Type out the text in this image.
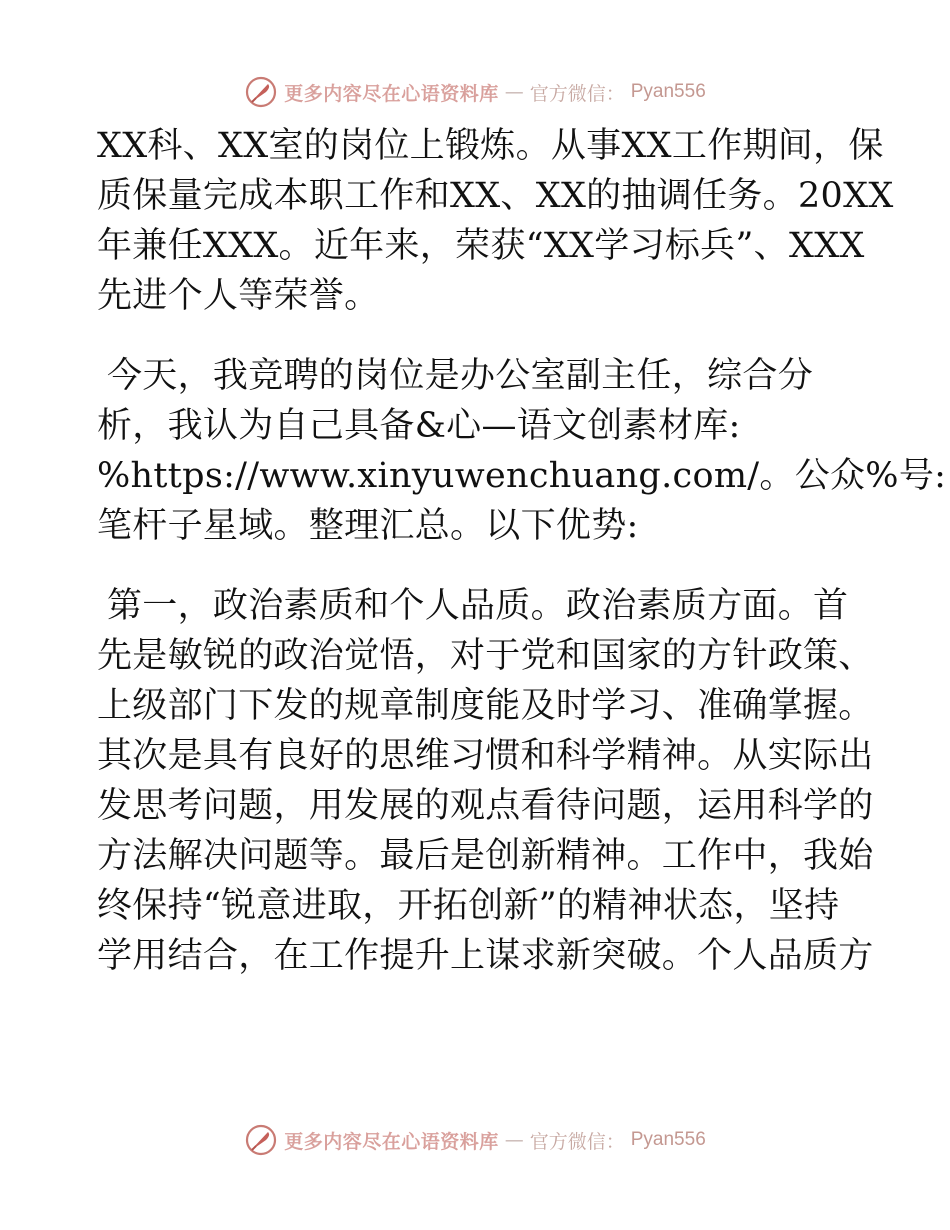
更多内容尽在心语资料库 — 官方微信： Pyan556
XX科、XX室的岗位上锻炼。从事XX工作期间，保
质保量完成本职工作和XX、XX的抽调任务。20XX
年兼任XXX。近年来，荣获“XX学习标兵”、XXX
先进个人等荣誉。
今天，我竞聘的岗位是办公室副主任，综合分
析，我认为自己具备&心—语文创素材库:
%https://www.xinyuwenchuang.com/。公众%号:
笔杆子星域。整理汇总。以下优势:
第一，政治素质和个人品质。政治素质方面。首
先是敏锐的政治觉悟，对于党和国家的方针政策、
上级部门下发的规章制度能及时学习、准确掌握。
其次是具有良好的思维习惯和科学精神。从实际出
发思考问题，用发展的观点看待问题，运用科学的
方法解决问题等。最后是创新精神。工作中，我始
终保持“锐意进取，开拓创新”的精神状态，坚持
学用结合，在工作提升上谋求新突破。个人品质方
更多内容尽在心语资料库 — 官方微信： Pyan556
